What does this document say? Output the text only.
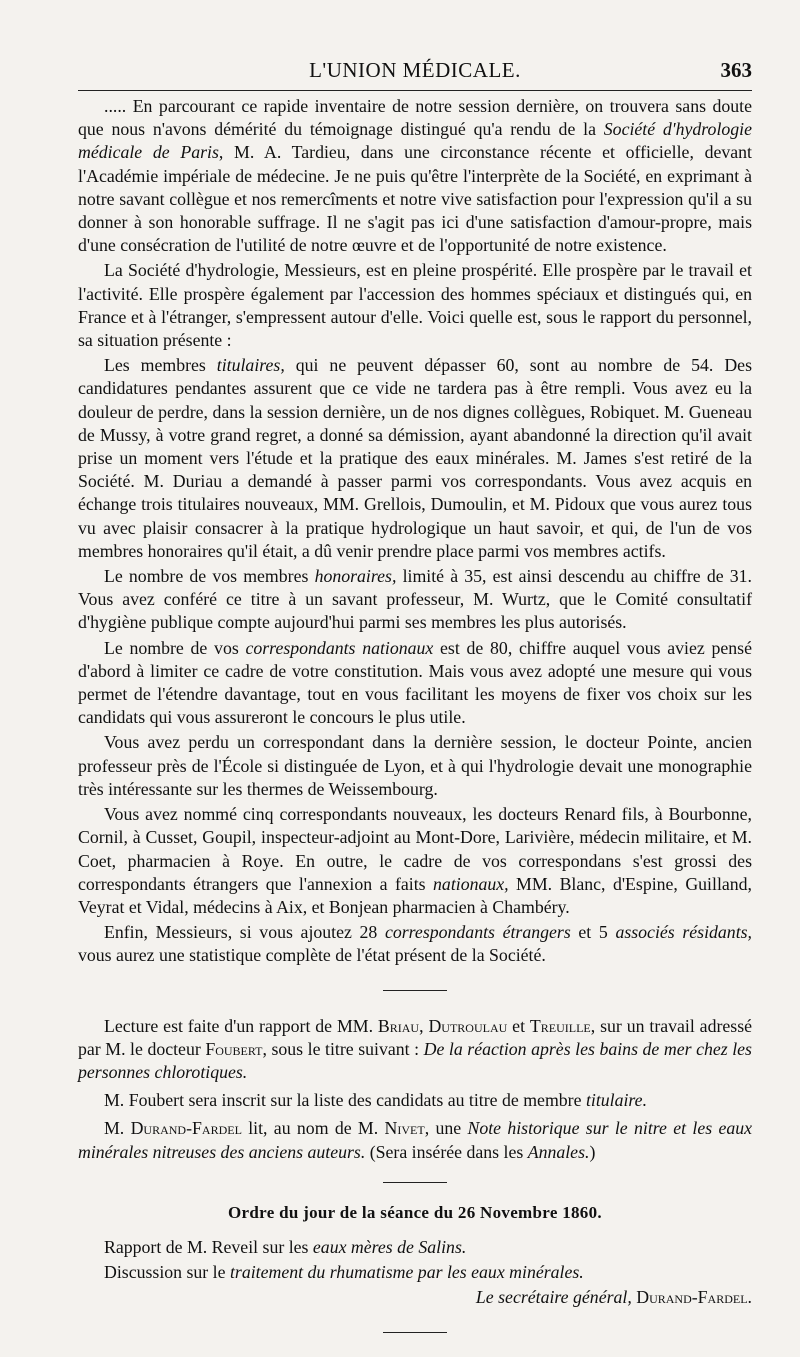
L'UNION MÉDICALE.	363

..... En parcourant ce rapide inventaire de notre session dernière, on trouvera sans doute que nous n'avons démérité du témoignage distingué qu'a rendu de la Société d'hydrologie médicale de Paris, M. A. Tardieu, dans une circonstance récente et officielle, devant l'Académie impériale de médecine. Je ne puis qu'être l'interprète de la Société, en exprimant à notre savant collègue et nos remercîments et notre vive satisfaction pour l'expression qu'il a su donner à son honorable suffrage. Il ne s'agit pas ici d'une satisfaction d'amour-propre, mais d'une consécration de l'utilité de notre œuvre et de l'opportunité de notre existence.

La Société d'hydrologie, Messieurs, est en pleine prospérité. Elle prospère par le travail et l'activité. Elle prospère également par l'accession des hommes spéciaux et distingués qui, en France et à l'étranger, s'empressent autour d'elle. Voici quelle est, sous le rapport du personnel, sa situation présente :

Les membres titulaires, qui ne peuvent dépasser 60, sont au nombre de 54. Des candidatures pendantes assurent que ce vide ne tardera pas à être rempli. Vous avez eu la douleur de perdre, dans la session dernière, un de nos dignes collègues, Robiquet. M. Gueneau de Mussy, à votre grand regret, a donné sa démission, ayant abandonné la direction qu'il avait prise un moment vers l'étude et la pratique des eaux minérales. M. James s'est retiré de la Société. M. Duriau a demandé à passer parmi vos correspondants. Vous avez acquis en échange trois titulaires nouveaux, MM. Grellois, Dumoulin, et M. Pidoux que vous aurez tous vu avec plaisir consacrer à la pratique hydrologique un haut savoir, et qui, de l'un de vos membres honoraires qu'il était, a dû venir prendre place parmi vos membres actifs.

Le nombre de vos membres honoraires, limité à 35, est ainsi descendu au chiffre de 31. Vous avez conféré ce titre à un savant professeur, M. Wurtz, que le Comité consultatif d'hygiène publique compte aujourd'hui parmi ses membres les plus autorisés.

Le nombre de vos correspondants nationaux est de 80, chiffre auquel vous aviez pensé d'abord à limiter ce cadre de votre constitution. Mais vous avez adopté une mesure qui vous permet de l'étendre davantage, tout en vous facilitant les moyens de fixer vos choix sur les candidats qui vous assureront le concours le plus utile.

Vous avez perdu un correspondant dans la dernière session, le docteur Pointe, ancien professeur près de l'École si distinguée de Lyon, et à qui l'hydrologie devait une monographie très intéressante sur les thermes de Weissembourg.

Vous avez nommé cinq correspondants nouveaux, les docteurs Renard fils, à Bourbonne, Cornil, à Cusset, Goupil, inspecteur-adjoint au Mont-Dore, Larivière, médecin militaire, et M. Coet, pharmacien à Roye. En outre, le cadre de vos correspondans s'est grossi des correspondants étrangers que l'annexion a faits nationaux, MM. Blanc, d'Espine, Guilland, Veyrat et Vidal, médecins à Aix, et Bonjean pharmacien à Chambéry.

Enfin, Messieurs, si vous ajoutez 28 correspondants étrangers et 5 associés résidants, vous aurez une statistique complète de l'état présent de la Société.

Lecture est faite d'un rapport de MM. Briau, Dutroulau et Treuille, sur un travail adressé par M. le docteur Foubert, sous le titre suivant : De la réaction après les bains de mer chez les personnes chlorotiques.

M. Foubert sera inscrit sur la liste des candidats au titre de membre titulaire.

M. Durand-Fardel lit, au nom de M. Nivet, une Note historique sur le nitre et les eaux minérales nitreuses des anciens auteurs. (Sera insérée dans les Annales.)

Ordre du jour de la séance du 26 Novembre 1860.

Rapport de M. Reveil sur les eaux mères de Salins.

Discussion sur le traitement du rhumatisme par les eaux minérales.

Le secrétaire général, Durand-Fardel.
